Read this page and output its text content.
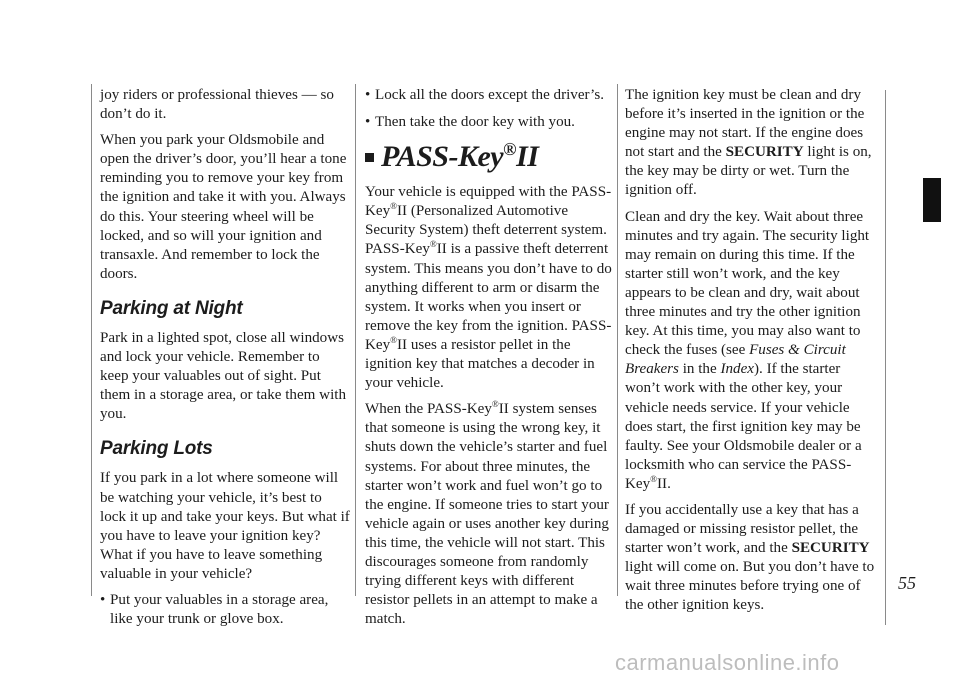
joy riders or professional thieves — so don’t do it.

When you park your Oldsmobile and open the driver’s door, you’ll hear a tone reminding you to remove your key from the ignition and take it with you. Always do this. Your steering wheel will be locked, and so will your ignition and transaxle. And remember to lock the doors.

Parking at Night

Park in a lighted spot, close all windows and lock your vehicle. Remember to keep your valuables out of sight. Put them in a storage area, or take them with you.

Parking Lots

If you park in a lot where someone will be watching your vehicle, it’s best to lock it up and take your keys. But what if you have to leave your ignition key? What if you have to leave something valuable in your vehicle?

• Put your valuables in a storage area, like your trunk or glove box.
• Lock all the doors except the driver’s.
• Then take the door key with you.
PASS-Key®II

Your vehicle is equipped with the PASS-Key®II (Personalized Automotive Security System) theft deterrent system. PASS-Key®II is a passive theft deterrent system. This means you don’t have to do anything different to arm or disarm the system. It works when you insert or remove the key from the ignition. PASS-Key®II uses a resistor pellet in the ignition key that matches a decoder in your vehicle.

When the PASS-Key®II system senses that someone is using the wrong key, it shuts down the vehicle’s starter and fuel systems. For about three minutes, the starter won’t work and fuel won’t go to the engine. If someone tries to start your vehicle again or uses another key during this time, the vehicle will not start. This discourages someone from randomly trying different keys with different resistor pellets in an attempt to make a match.

The ignition key must be clean and dry before it’s inserted in the ignition or the engine may not start. If the engine does not start and the SECURITY light is on, the key may be dirty or wet. Turn the ignition off.

Clean and dry the key. Wait about three minutes and try again. The security light may remain on during this time. If the starter still won’t work, and the key appears to be clean and dry, wait about three minutes and try the other ignition key. At this time, you may also want to check the fuses (see Fuses & Circuit Breakers in the Index). If the starter won’t work with the other key, your vehicle needs service. If your vehicle does start, the first ignition key may be faulty. See your Oldsmobile dealer or a locksmith who can service the PASS-Key®II.

If you accidentally use a key that has a damaged or missing resistor pellet, the starter won’t work, and the SECURITY light will come on. But you don’t have to wait three minutes before trying one of the other ignition keys.

55
carmanualsonline.info
